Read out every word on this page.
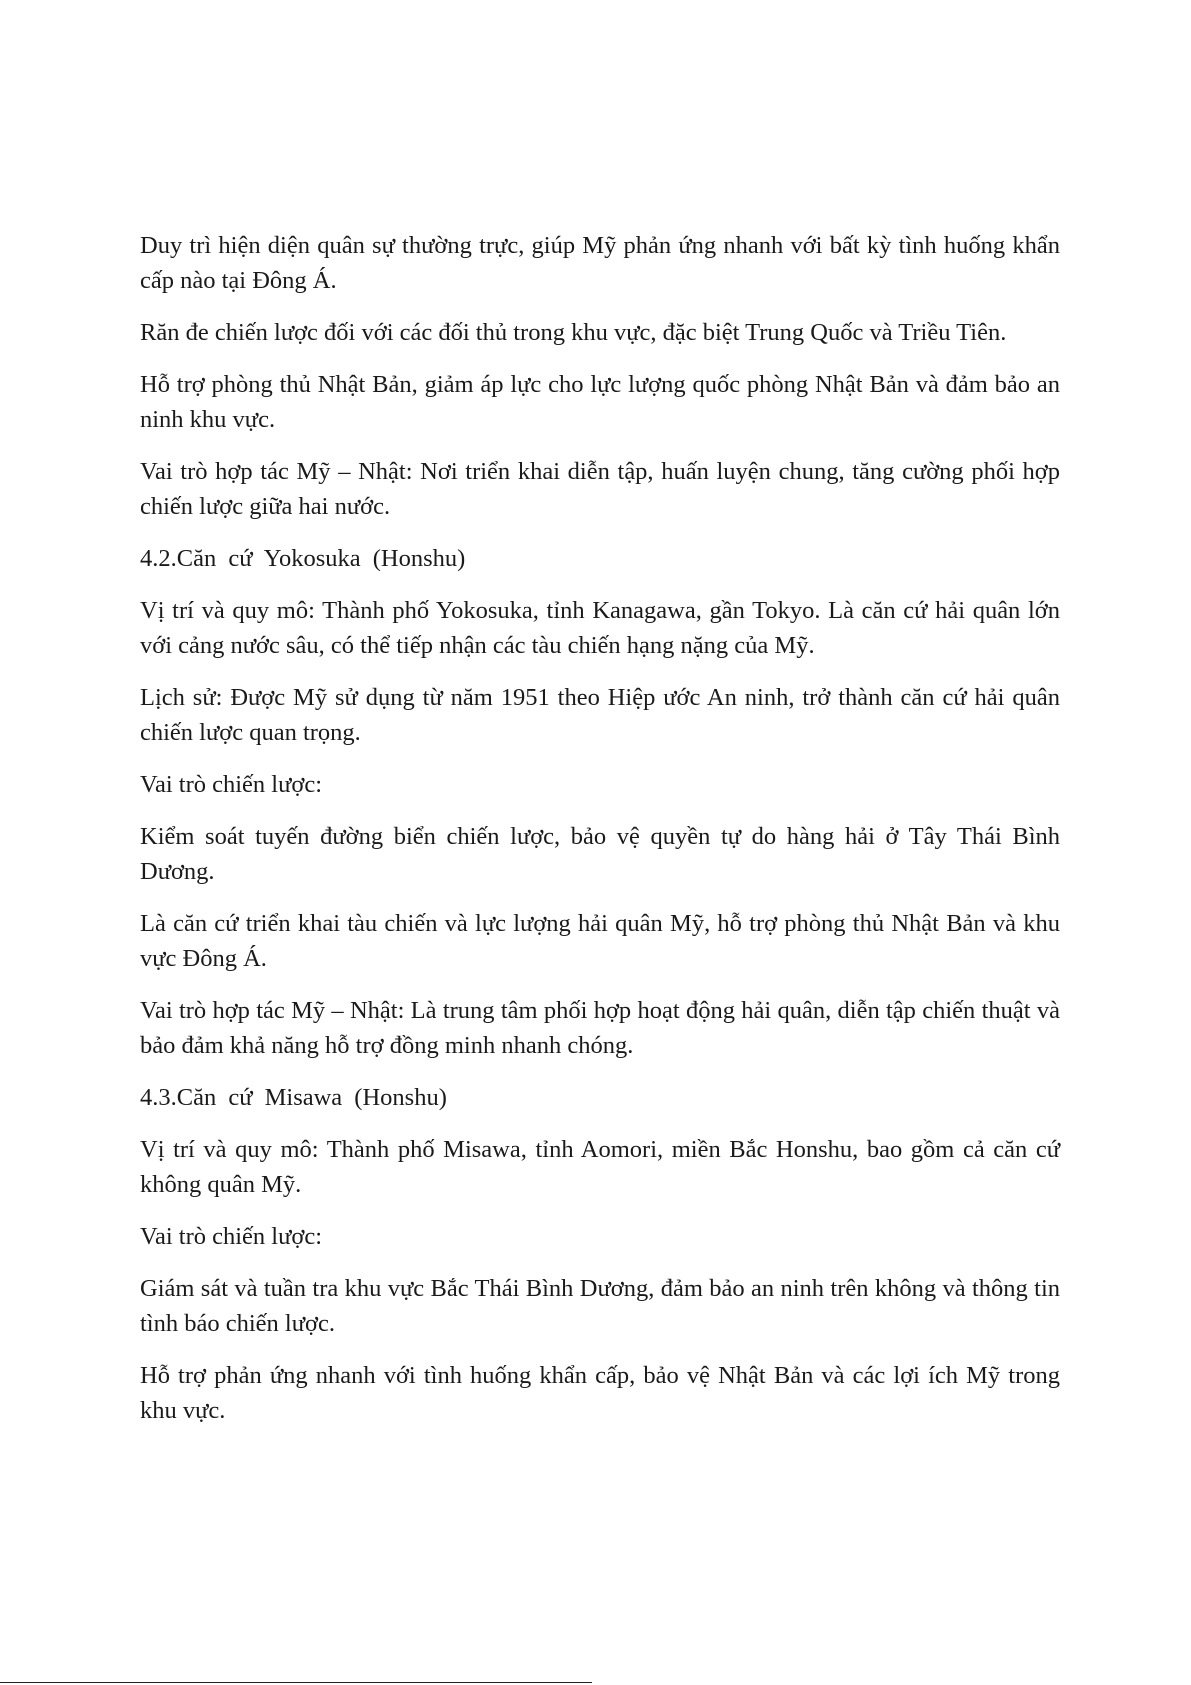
Duy trì hiện diện quân sự thường trực, giúp Mỹ phản ứng nhanh với bất kỳ tình huống khẩn cấp nào tại Đông Á.

Răn đe chiến lược đối với các đối thủ trong khu vực, đặc biệt Trung Quốc và Triều Tiên.

Hỗ trợ phòng thủ Nhật Bản, giảm áp lực cho lực lượng quốc phòng Nhật Bản và đảm bảo an ninh khu vực.

Vai trò hợp tác Mỹ – Nhật: Nơi triển khai diễn tập, huấn luyện chung, tăng cường phối hợp chiến lược giữa hai nước.

4.2.Căn cứ Yokosuka (Honshu)

Vị trí và quy mô: Thành phố Yokosuka, tỉnh Kanagawa, gần Tokyo. Là căn cứ hải quân lớn với cảng nước sâu, có thể tiếp nhận các tàu chiến hạng nặng của Mỹ.

Lịch sử: Được Mỹ sử dụng từ năm 1951 theo Hiệp ước An ninh, trở thành căn cứ hải quân chiến lược quan trọng.

Vai trò chiến lược:

Kiểm soát tuyến đường biển chiến lược, bảo vệ quyền tự do hàng hải ở Tây Thái Bình Dương.

Là căn cứ triển khai tàu chiến và lực lượng hải quân Mỹ, hỗ trợ phòng thủ Nhật Bản và khu vực Đông Á.

Vai trò hợp tác Mỹ – Nhật: Là trung tâm phối hợp hoạt động hải quân, diễn tập chiến thuật và bảo đảm khả năng hỗ trợ đồng minh nhanh chóng.

4.3.Căn cứ Misawa (Honshu)

Vị trí và quy mô: Thành phố Misawa, tỉnh Aomori, miền Bắc Honshu, bao gồm cả căn cứ không quân Mỹ.

Vai trò chiến lược:

Giám sát và tuần tra khu vực Bắc Thái Bình Dương, đảm bảo an ninh trên không và thông tin tình báo chiến lược.

Hỗ trợ phản ứng nhanh với tình huống khẩn cấp, bảo vệ Nhật Bản và các lợi ích Mỹ trong khu vực.
